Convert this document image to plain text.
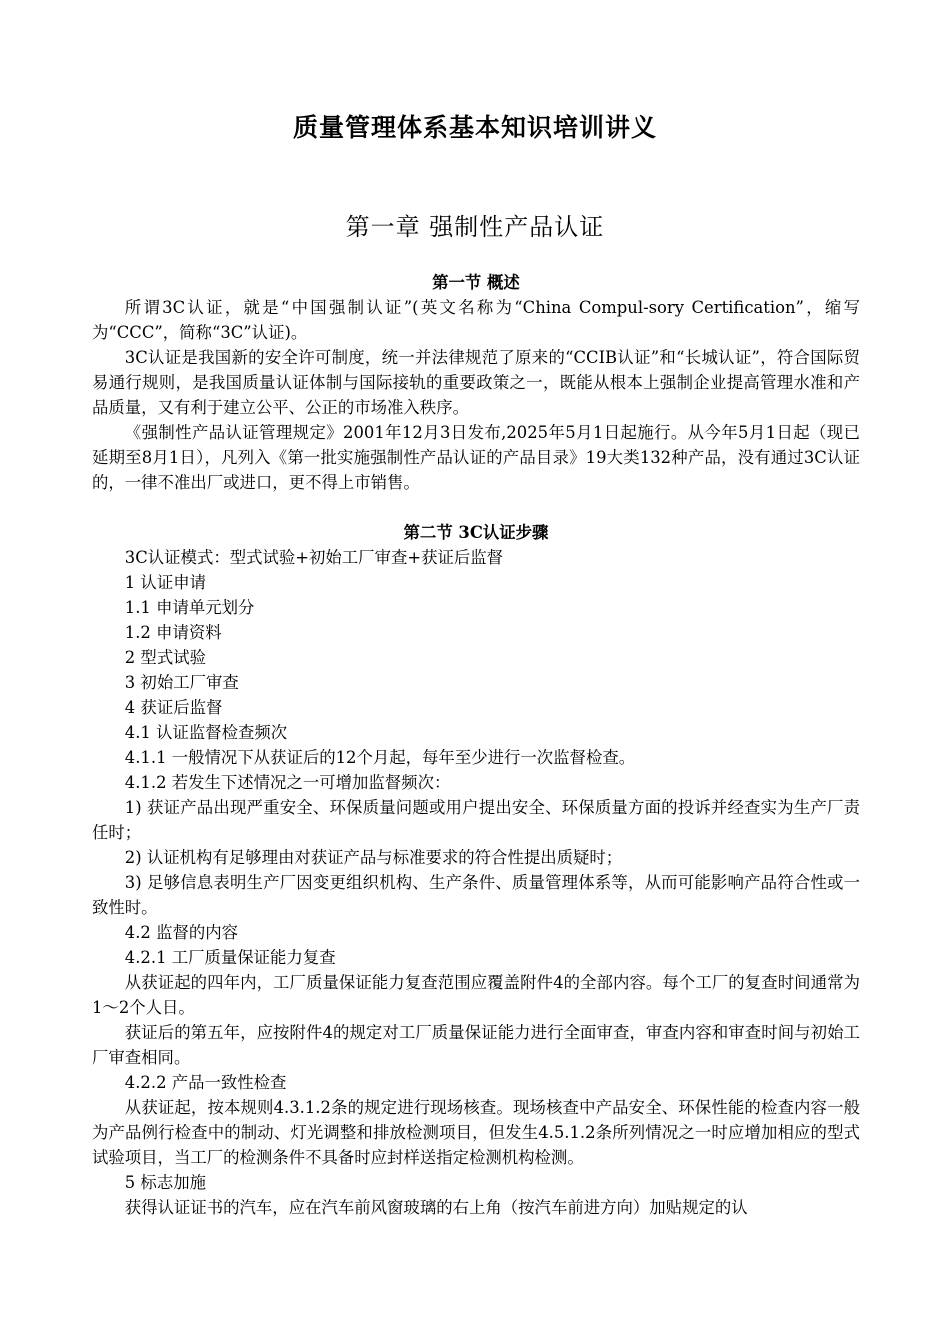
质量管理体系基本知识培训讲义
第一章 强制性产品认证

第一节 概述

所谓3C认证，就是“中国强制认证”(英文名称为“China Compul-sory Certification”，缩写为“CCC”，简称“3C”认证)。

3C认证是我国新的安全许可制度，统一并法律规范了原来的“CCIB认证”和“长城认证”，符合国际贸易通行规则，是我国质量认证体制与国际接轨的重要政策之一，既能从根本上强制企业提高管理水准和产品质量，又有利于建立公平、公正的市场准入秩序。

《强制性产品认证管理规定》2001年12月3日发布,2025年5月1日起施行。从今年5月1日起（现已延期至8月1日），凡列入《第一批实施强制性产品认证的产品目录》19大类132种产品，没有通过3C认证的，一律不准出厂或进口，更不得上市销售。

第二节 3C认证步骤

3C认证模式：型式试验+初始工厂审查+获证后监督

1 认证申请

1.1 申请单元划分

1.2 申请资料

2 型式试验

3 初始工厂审查

4 获证后监督

4.1 认证监督检查频次

4.1.1 一般情况下从获证后的12个月起，每年至少进行一次监督检查。

4.1.2 若发生下述情况之一可增加监督频次：

1) 获证产品出现严重安全、环保质量问题或用户提出安全、环保质量方面的投诉并经查实为生产厂责任时；

2) 认证机构有足够理由对获证产品与标准要求的符合性提出质疑时；

3) 足够信息表明生产厂因变更组织机构、生产条件、质量管理体系等，从而可能影响产品符合性或一致性时。

4.2 监督的内容

4.2.1 工厂质量保证能力复查

从获证起的四年内，工厂质量保证能力复查范围应覆盖附件4的全部内容。每个工厂的复查时间通常为1～2个人日。

获证后的第五年，应按附件4的规定对工厂质量保证能力进行全面审查，审查内容和审查时间与初始工厂审查相同。

4.2.2 产品一致性检查

从获证起，按本规则4.3.1.2条的规定进行现场核查。现场核查中产品安全、环保性能的检查内容一般为产品例行检查中的制动、灯光调整和排放检测项目，但发生4.5.1.2条所列情况之一时应增加相应的型式试验项目，当工厂的检测条件不具备时应封样送指定检测机构检测。

5 标志加施

获得认证证书的汽车，应在汽车前风窗玻璃的右上角（按汽车前进方向）加贴规定的认
